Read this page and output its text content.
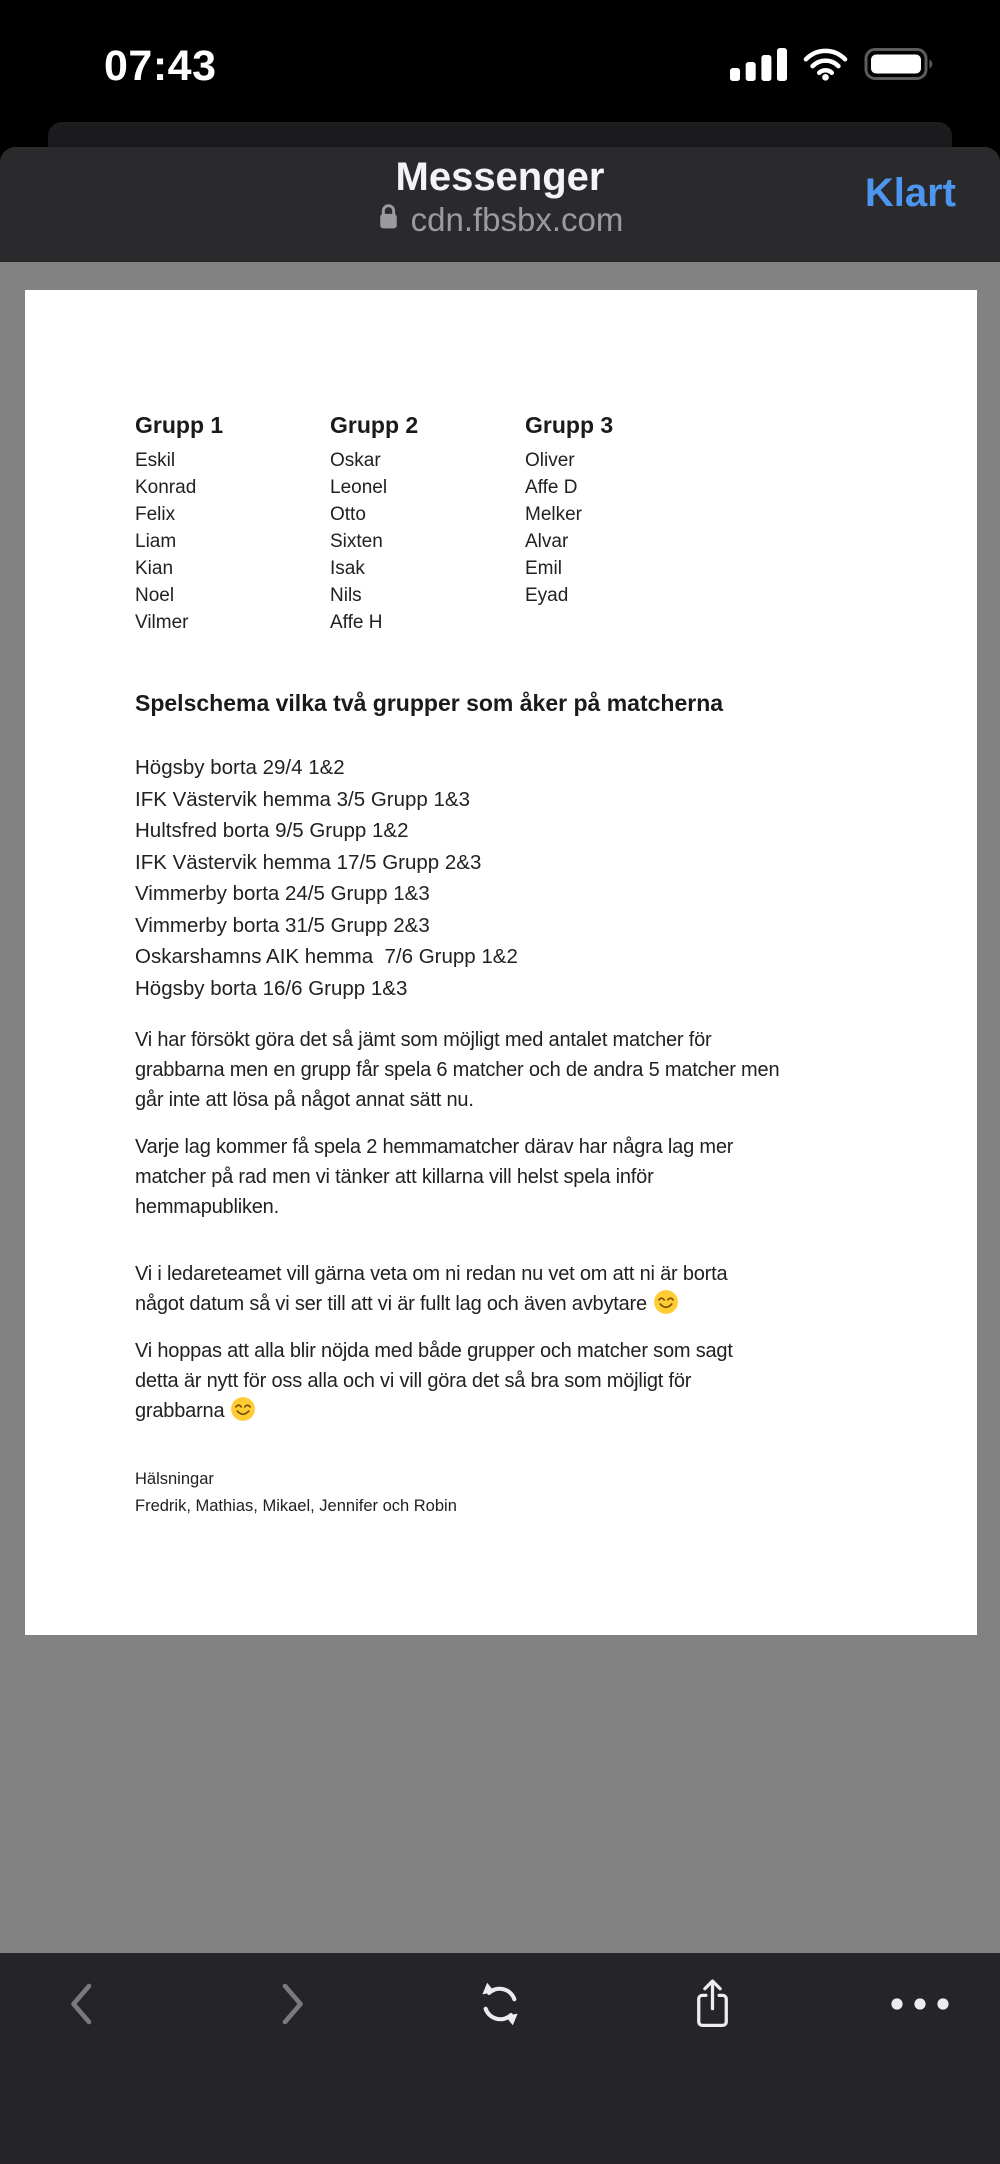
07:43
Messenger
cdn.fbsbx.com
Klart
Grupp 1
Eskil
Konrad
Felix
Liam
Kian
Noel
Vilmer
Grupp 2
Oskar
Leonel
Otto
Sixten
Isak
Nils
Affe H
Grupp 3
Oliver
Affe D
Melker
Alvar
Emil
Eyad
Spelschema vilka två grupper som åker på matcherna
Högsby borta 29/4 1&2
IFK Västervik hemma 3/5 Grupp 1&3
Hultsfred borta 9/5 Grupp 1&2
IFK Västervik hemma 17/5 Grupp 2&3
Vimmerby borta 24/5 Grupp 1&3
Vimmerby borta 31/5 Grupp 2&3
Oskarshamns AIK hemma  7/6 Grupp 1&2
Högsby borta 16/6 Grupp 1&3

Vi har försökt göra det så jämt som möjligt med antalet matcher för grabbarna men en grupp får spela 6 matcher och de andra 5 matcher men går inte att lösa på något annat sätt nu.

Varje lag kommer få spela 2 hemmamatcher därav har några lag mer matcher på rad men vi tänker att killarna vill helst spela inför hemmapubliken.

Vi i ledareteamet vill gärna veta om ni redan nu vet om att ni är borta något datum så vi ser till att vi är fullt lag och även avbytare

Vi hoppas att alla blir nöjda med både grupper och matcher som sagt detta är nytt för oss alla och vi vill göra det så bra som möjligt för grabbarna

Hälsningar
Fredrik, Mathias, Mikael, Jennifer och Robin
